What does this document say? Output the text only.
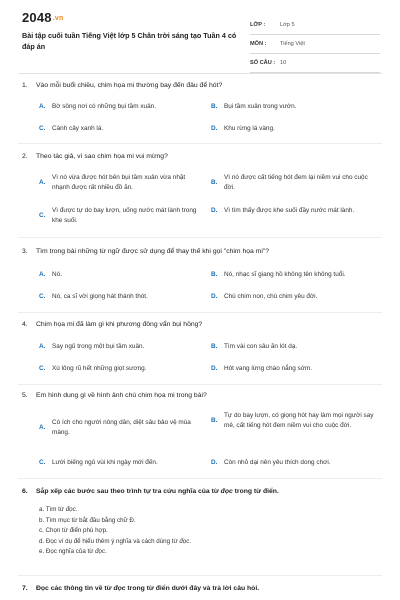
2048.vn
Bài tập cuối tuần Tiếng Việt lớp 5 Chân trời sáng tạo Tuần 4 có đáp án
LỚP :	Lớp 5
MÔN :	Tiếng Việt
SỐ CÂU : 10
1. Vào mỗi buổi chiều, chim họa mi thường bay đến đâu để hót?
A.	Bờ sông nơi có những bụi tầm xuân.	B.	Bụi tầm xuân trong vườn.
C.	Cành cây xanh lá.	D.	Khu rừng lá vàng.
2. Theo tác giả, vì sao chim họa mi vui mừng?
A.
Vì nó vừa được hót bên bụi tầm xuân vừa nhặt nhạnh được rất nhiều đồ ăn.
B.
Vì nó được cất tiếng hót đem lại niềm vui cho cuộc đời.
C.
Vì được tự do bay lượn, uống nước mát lành trong khe suối.
D.	Vì tìm thấy được khe suối đầy nước mát lành.
3. Tìm trong bài những từ ngữ được sử dụng để thay thế khi gọi "chim họa mi"?
A.	Nó.	B.	Nó, nhạc sĩ giang hồ không tên không tuổi.
C.	Nó, ca sĩ vời giọng hát thánh thót.	D.	Chú chim non, chú chim yêu đời.
4. Chim họa mi đã làm gì khi phương đông vẩn bụi hồng?
A.	Say ngủ trong một bụi tầm xuân.	B.	Tìm vài con sâu ăn lót dạ.
C.	Xù lông rũ hết những giọt sương.	D.	Hót vang lừng chào nắng sớm.
5. Em hình dung gì về hình ảnh chú chim họa mi trong bài?
A.
Có ích cho người nông dân, diệt sâu bảo vệ mùa màng.
B.
Tự do bay lượn, có giọng hót hay làm mọi người say mê, cất tiếng hót đem niềm vui cho cuộc đời.
C.	Lười biếng ngủ vùi khi ngày mới đến.	D.	Còn nhỏ dại nên yêu thích dong chơi.
6. Sắp xếp các bước sau theo trình tự tra cứu nghĩa của từ đọc trong từ điển.
a. Tìm từ đọc.
b. Tìm mục từ bắt đầu bằng chữ Đ.
c. Chọn từ điển phù hợp.
d. Đọc ví dụ để hiểu thêm ý nghĩa và cách dùng từ đọc.
e. Đọc nghĩa của từ đọc.
7. Đọc các thông tin về từ đọc trong từ điển dưới đây và trả lời câu hỏi.
